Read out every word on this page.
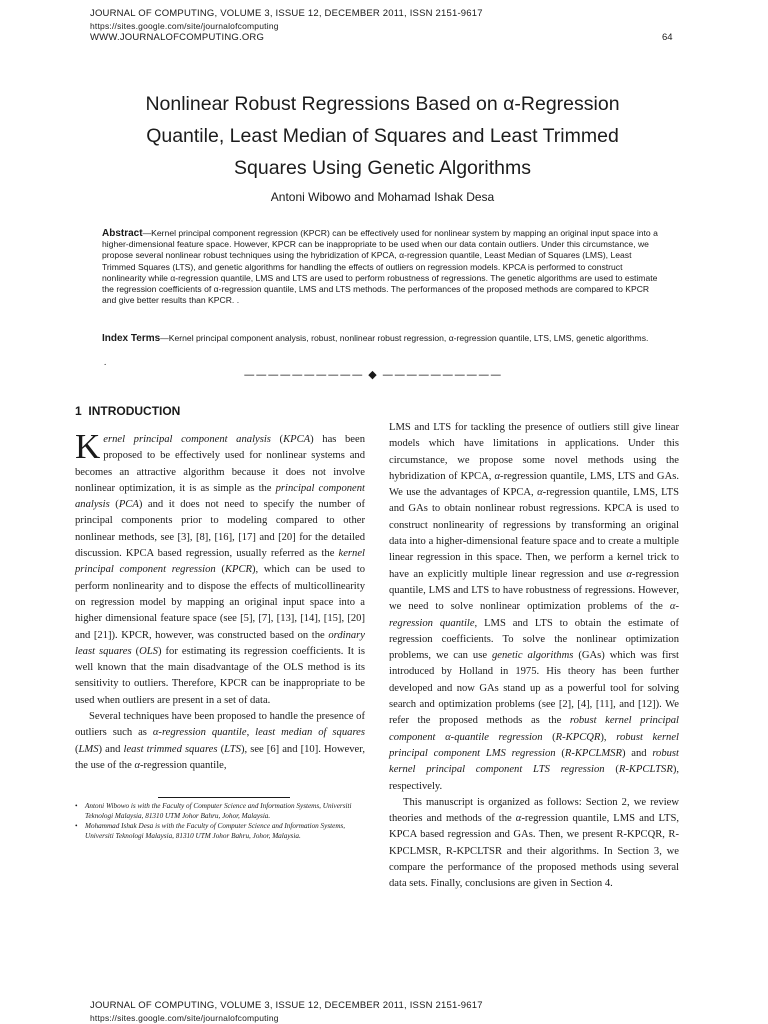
JOURNAL OF COMPUTING, VOLUME 3, ISSUE 12, DECEMBER 2011, ISSN 2151-9617
https://sites.google.com/site/journalofcomputing
WWW.JOURNALOFCOMPUTING.ORG	64
Nonlinear Robust Regressions Based on α-Regression
Quantile, Least Median of Squares and Least Trimmed
Squares Using Genetic Algorithms
Antoni Wibowo and Mohamad Ishak Desa
Abstract—Kernel principal component regression (KPCR) can be effectively used for nonlinear system by mapping an original input space into a higher-dimensional feature space. However, KPCR can be inappropriate to be used when our data contain outliers. Under this circumstance, we propose several nonlinear robust techniques using the hybridization of KPCA, α-regression quantile, Least Median of Squares (LMS), Least Trimmed Squares (LTS), and genetic algorithms for handling the effects of outliers on regression models. KPCA is performed to construct nonlinearity while α-regression quantile, LMS and LTS are used to perform robustness of regressions. The genetic algorithms are used to estimate the regression coefficients of α-regression quantile, LMS and LTS methods. The performances of the proposed methods are compared to KPCR and give better results than KPCR. .
Index Terms—Kernel principal component analysis, robust, nonlinear robust regression, α-regression quantile, LTS, LMS, genetic algorithms.
.
—————————— ◆ ——————————
1 INTRODUCTION

Kernel principal component analysis (KPCA) has been proposed to be effectively used for nonlinear systems and becomes an attractive algorithm because it does not involve nonlinear optimization, it is as simple as the principal component analysis (PCA) and it does not need to specify the number of principal components prior to modeling compared to other nonlinear methods, see [3], [8], [16], [17] and [20] for the detailed discussion. KPCA based regression, usually referred as the kernel principal component regression (KPCR), which can be used to perform nonlinearity and to dispose the effects of multicollinearity on regression model by mapping an original input space into a higher dimensional feature space (see [5], [7], [13], [14], [15], [20] and [21]). KPCR, however, was constructed based on the ordinary least squares (OLS) for estimating its regression coefficients. It is well known that the main disadvantage of the OLS method is its sensitivity to outliers. Therefore, KPCR can be inappropriate to be used when outliers are present in a set of data.

Several techniques have been proposed to handle the presence of outliers such as α-regression quantile, least median of squares (LMS) and least trimmed squares (LTS), see [6] and [10]. However, the use of the α-regression quantile,

LMS and LTS for tackling the presence of outliers still give linear models which have limitations in applications. Under this circumstance, we propose some novel methods using the hybridization of KPCA, α-regression quantile, LMS, LTS and GAs. We use the advantages of KPCA, α-regression quantile, LMS, LTS and GAs to obtain nonlinear robust regressions. KPCA is used to construct nonlinearity of regressions by transforming an original data into a higher-dimensional feature space and to create a multiple linear regression in this space. Then, we perform a kernel trick to have an explicitly multiple linear regression and use α-regression quantile, LMS and LTS to have robustness of regressions. However, we need to solve nonlinear optimization problems of the α-regression quantile, LMS and LTS to obtain the estimate of regression coefficients. To solve the nonlinear optimization problems, we can use genetic algorithms (GAs) which was first introduced by Holland in 1975. His theory has been further developed and now GAs stand up as a powerful tool for solving search and optimization problems (see [2], [4], [11], and [12]). We refer the proposed methods as the robust kernel principal component α-quantile regression (R-KPCQR), robust kernel principal component LMS regression (R-KPCLMSR) and robust kernel principal component LTS regression (R-KPCLTSR), respectively.

This manuscript is organized as follows: Section 2, we review theories and methods of the α-regression quantile, LMS and LTS, KPCA based regression and GAs. Then, we present R-KPCQR, R-KPCLMSR, R-KPCLTSR and their algorithms. In Section 3, we compare the performance of the proposed methods using several data sets. Finally, conclusions are given in Section 4.

•	Antoni Wibowo is with the Faculty of Computer Science and Information Systems, Universiti Teknologi Malaysia, 81310 UTM Johor Bahru, Johor, Malaysia.
•	Mohammad Ishak Desa is with the Faculty of Computer Science and Information Systems, Universiti Teknologi Malaysia, 81310 UTM Johor Bahru, Johor, Malaysia.
JOURNAL OF COMPUTING, VOLUME 3, ISSUE 12, DECEMBER 2011, ISSN 2151-9617
https://sites.google.com/site/journalofcomputing
